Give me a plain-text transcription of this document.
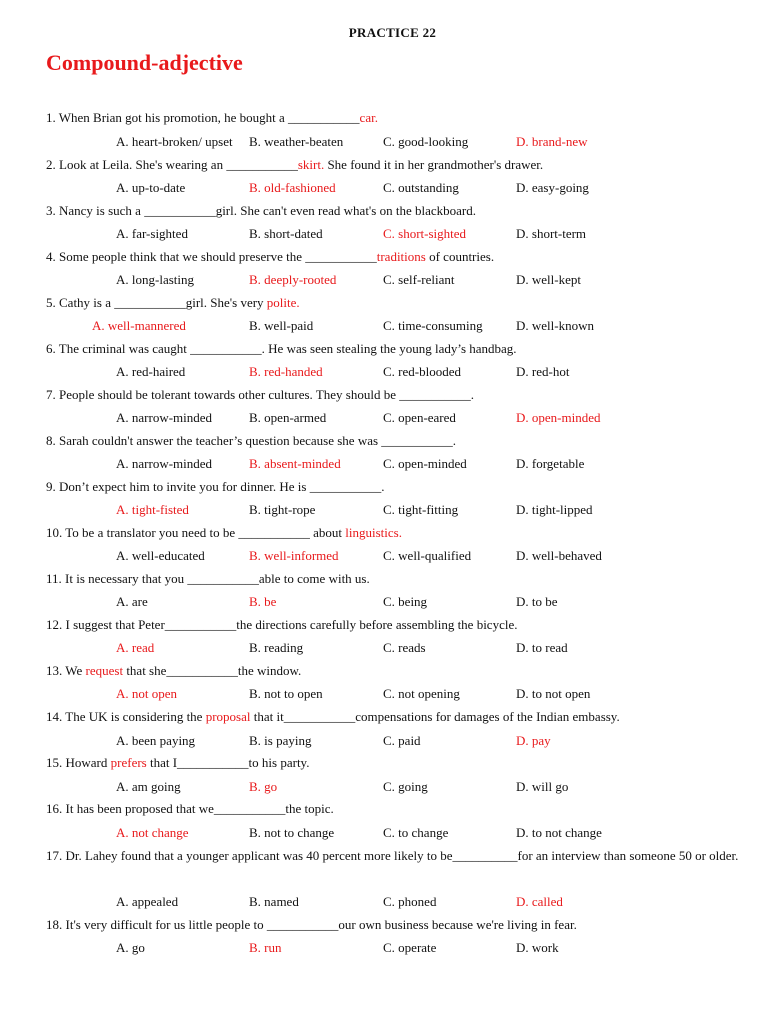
PRACTICE 22
Compound-adjective
1. When Brian got his promotion, he bought a ___________car.
A. heart-broken/ upset B. weather-beaten	C. good-looking	D. brand-new
2. Look at Leila. She's wearing an ___________skirt. She found it in her grandmother's drawer.
A. up-to-date	B. old-fashioned	C. outstanding	D. easy-going
3. Nancy is such a ___________girl. She can't even read what's on the blackboard.
A. far-sighted	B. short-dated	C. short-sighted	D. short-term
4. Some people think that we should preserve the ___________traditions of countries.
A. long-lasting	B. deeply-rooted	C. self-reliant	D. well-kept
5. Cathy is a ___________girl. She's very polite.
A. well-mannered	B. well-paid	C. time-consuming	D. well-known
6. The criminal was caught ___________. He was seen stealing the young lady’s handbag.
A. red-haired	B. red-handed	C. red-blooded	D. red-hot
7. People should be tolerant towards other cultures. They should be ___________.
A. narrow-minded	B. open-armed	C. open-eared	D. open-minded
8. Sarah couldn't answer the teacher’s question because she was ___________.
A. narrow-minded	B. absent-minded	C. open-minded	D. forgetable
9. Don’t expect him to invite you for dinner. He is ___________.
A. tight-fisted	B. tight-rope	C. tight-fitting	D. tight-lipped
10. To be a translator you need to be ___________ about linguistics.
A. well-educated	B. well-informed	C. well-qualified	D. well-behaved
11. It is necessary that you ___________able to come with us.
A. are	B. be	C. being	D. to be
12. I suggest that Peter___________the directions carefully before assembling the bicycle.
A. read	B. reading	C. reads	D. to read
13. We request that she___________the window.
A. not open	B. not to open	C. not opening	D. to not open
14. The UK is considering the proposal that it___________compensations for damages of the Indian embassy.
A. been paying	B. is paying	C. paid	D. pay
15. Howard prefers that I___________to his party.
A. am going	B. go	C. going	D. will go
16. It has been proposed that we___________the topic.
A. not change	B. not to change	C. to change	D. to not change
17. Dr. Lahey found that a younger applicant was 40 percent more likely to be__________for an interview than someone 50 or older.
A. appealed	B. named	C. phoned	D. called
18. It's very difficult for us little people to ___________our own business because we're living in fear.
A. go	B. run	C. operate	D. work
